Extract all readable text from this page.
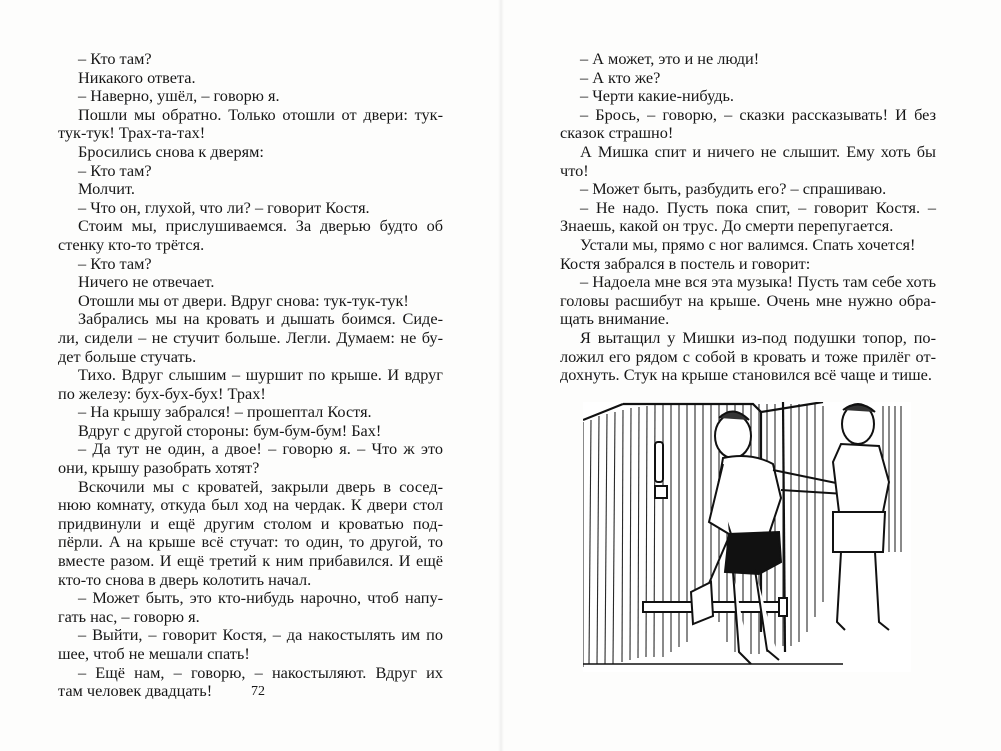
– Кто там?

Никакого ответа.

– Наверно, ушёл, – говорю я.

Пошли мы обратно. Только отошли от двери: тук-

тук-тук! Трах-та-тах!

Бросились снова к дверям:

– Кто там?

Молчит.

– Что он, глухой, что ли? – говорит Костя.

Стоим мы, прислушиваемся. За дверью будто об

стенку кто-то трётся.

– Кто там?

Ничего не отвечает.

Отошли мы от двери. Вдруг снова: тук-тук-тук!

Забрались мы на кровать и дышать боимся. Сиде-

ли, сидели – не стучит больше. Легли. Думаем: не бу-

дет больше стучать.

Тихо. Вдруг слышим – шуршит по крыше. И вдруг

по железу: бух-бух-бух! Трах!

– На крышу забрался! – прошептал Костя.

Вдруг с другой стороны: бум-бум-бум! Бах!

– Да тут не один, а двое! – говорю я. – Что ж это

они, крышу разобрать хотят?

Вскочили мы с кроватей, закрыли дверь в сосед-

нюю комнату, откуда был ход на чердак. К двери стол

придвинули и ещё другим столом и кроватью под-

пёрли. А на крыше всё стучат: то один, то другой, то

вместе разом. И ещё третий к ним прибавился. И ещё

кто-то снова в дверь колотить начал.

– Может быть, это кто-нибудь нарочно, чтоб напу-

гать нас, – говорю я.

– Выйти, – говорит Костя, – да накостылять им по

шее, чтоб не мешали спать!

– Ещё нам, – говорю, – накостыляют. Вдруг их

там человек двадцать!	72

– А может, это и не люди!

– А кто же?

– Черти какие-нибудь.

– Брось, – говорю, – сказки рассказывать! И без

сказок страшно!

А Мишка спит и ничего не слышит. Ему хоть бы

что!

– Может быть, разбудить его? – спрашиваю.

– Не надо. Пусть пока спит, – говорит Костя. –

Знаешь, какой он трус. До смерти перепугается.

Устали мы, прямо с ног валимся. Спать хочется!

Костя забрался в постель и говорит:

– Надоела мне вся эта музыка! Пусть там себе хоть

головы расшибут на крыше. Очень мне нужно обра-

щать внимание.

Я вытащил у Мишки из-под подушки топор, по-

ложил его рядом с собой в кровать и тоже прилёг от-

дохнуть. Стук на крыше становился всё чаще и тише.
